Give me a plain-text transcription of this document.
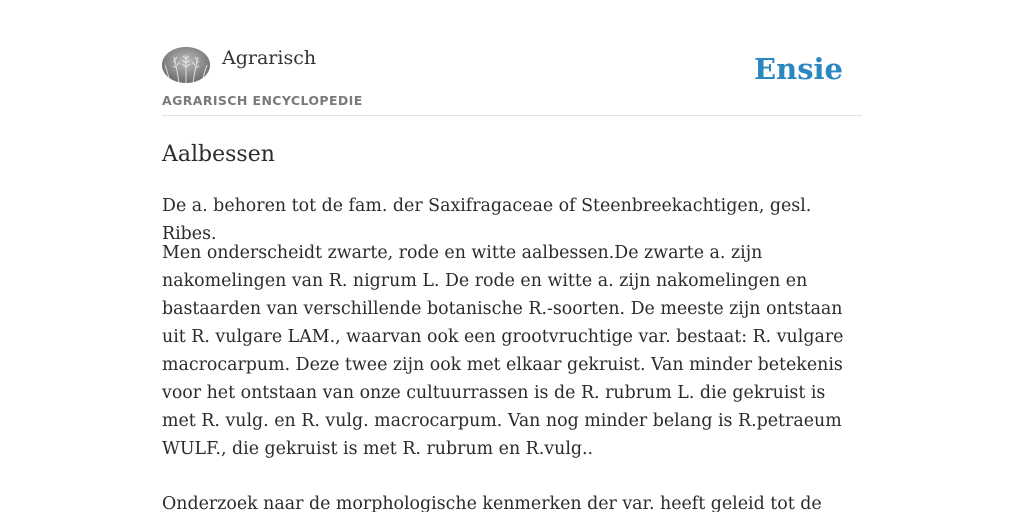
Agrarisch
AGRARISCH ENCYCLOPEDIE
Ensie
Aalbessen

De a. behoren tot de fam. der Saxifragaceae of Steenbreekachtigen, gesl. Ribes.

Men onderscheidt zwarte, rode en witte aalbessen.De zwarte a. zijn nakomelingen van R. nigrum L. De rode en witte a. zijn nakomelingen en bastaarden van verschillende botanische R.-soorten. De meeste zijn ontstaan uit R. vulgare LAM., waarvan ook een grootvruchtige var. bestaat: R. vulgare macrocarpum. Deze twee zijn ook met elkaar gekruist. Van minder betekenis voor het ontstaan van onze cultuurrassen is de R. rubrum L. die gekruist is met R. vulg. en R. vulg. macrocarpum. Van nog minder belang is R.petraeum WULF., die gekruist is met R. rubrum en R.vulg..

Onderzoek naar de morphologische kenmerken der var. heeft geleid tot de
